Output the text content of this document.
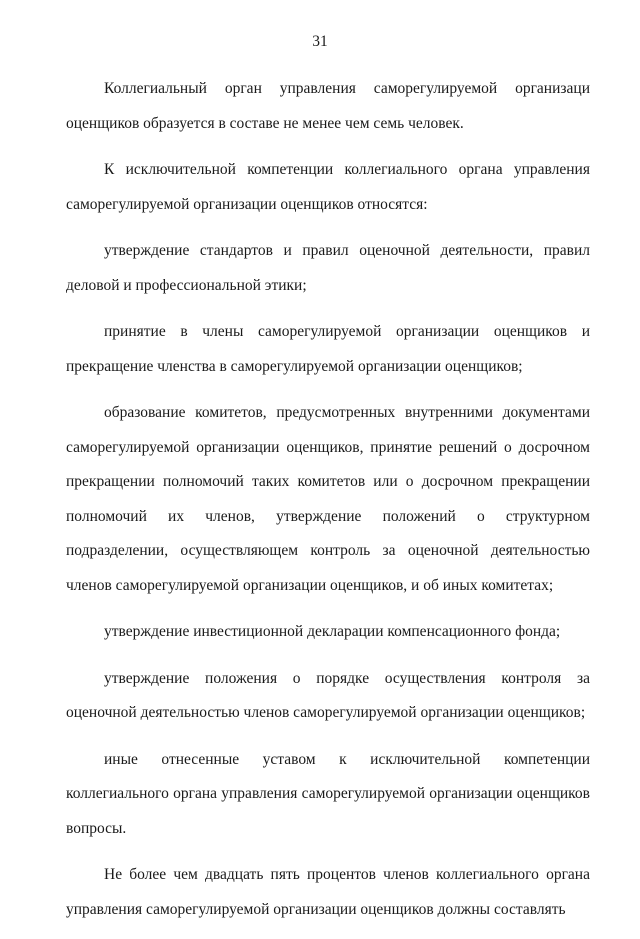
31

Коллегиальный орган управления саморегулируемой организаци оценщиков образуется в составе не менее чем семь человек.

К исключительной компетенции коллегиального органа управления саморегулируемой организации оценщиков относятся:

утверждение стандартов и правил оценочной деятельности, правил деловой и профессиональной этики;

принятие в члены саморегулируемой организации оценщиков и прекращение членства в саморегулируемой организации оценщиков;

образование комитетов, предусмотренных внутренними документами саморегулируемой организации оценщиков, принятие решений о досрочном прекращении полномочий таких комитетов или о досрочном прекращении полномочий их членов, утверждение положений о структурном подразделении, осуществляющем контроль за оценочной деятельностью членов саморегулируемой организации оценщиков, и об иных комитетах;

утверждение инвестиционной декларации компенсационного фонда;

утверждение положения о порядке осуществления контроля за оценочной деятельностью членов саморегулируемой организации оценщиков;

иные отнесенные уставом к исключительной компетенции коллегиального органа управления саморегулируемой организации оценщиков вопросы.

Не более чем двадцать пять процентов членов коллегиального органа управления саморегулируемой организации оценщиков должны составлять
